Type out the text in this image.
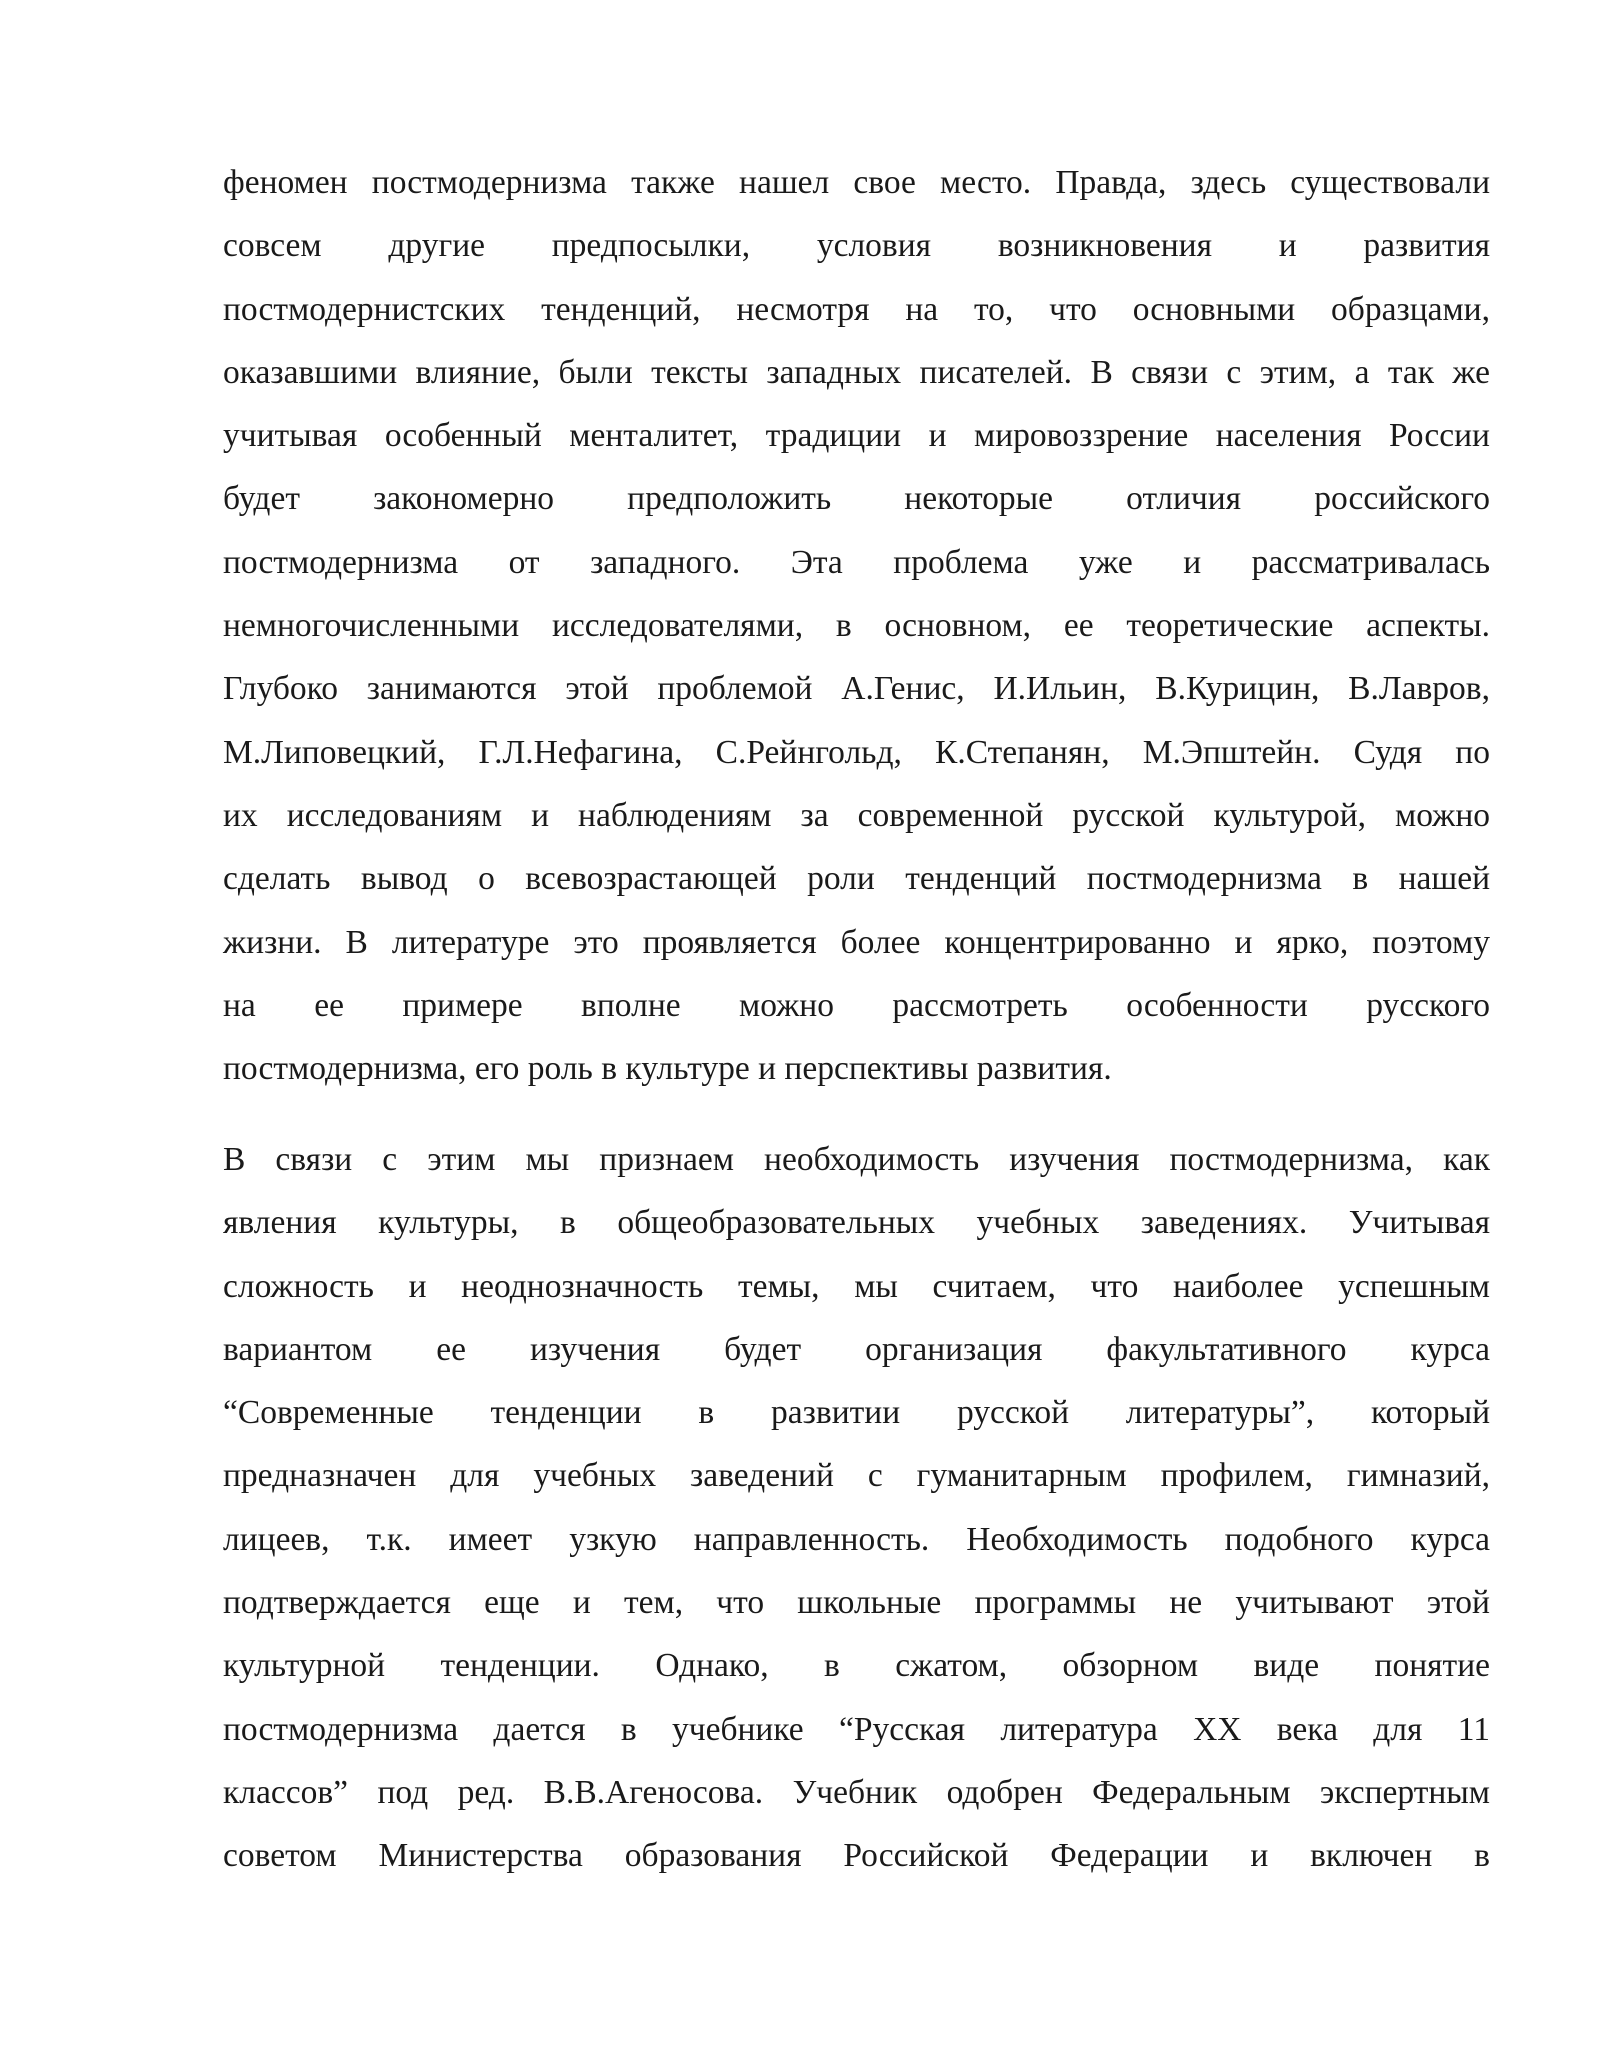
феномен постмодернизма также нашел свое место. Правда, здесь существовали
совсем другие предпосылки, условия возникновения и развития
постмодернистских тенденций, несмотря на то, что основными образцами,
оказавшими влияние, были тексты западных писателей. В связи с этим, а так же
учитывая особенный менталитет, традиции и мировоззрение населения России
будет закономерно предположить некоторые отличия российского
постмодернизма от западного. Эта проблема уже и рассматривалась
немногочисленными исследователями, в основном, ее теоретические аспекты.
Глубоко занимаются этой проблемой А.Генис, И.Ильин, В.Курицин, В.Лавров,
М.Липовецкий, Г.Л.Нефагина, С.Рейнгольд, К.Степанян, М.Эпштейн. Судя по
их исследованиям и наблюдениям за современной русской культурой, можно
сделать вывод о всевозрастающей роли тенденций постмодернизма в нашей
жизни. В литературе это проявляется более концентрированно и ярко, поэтому
на ее примере вполне можно рассмотреть особенности русского
постмодернизма, его роль в культуре и перспективы развития.
В связи с этим мы признаем необходимость изучения постмодернизма, как
явления культуры, в общеобразовательных учебных заведениях. Учитывая
сложность и неоднозначность темы, мы считаем, что наиболее успешным
вариантом ее изучения будет организация факультативного курса
“Современные тенденции в развитии русской литературы”, который
предназначен для учебных заведений с гуманитарным профилем, гимназий,
лицеев, т.к. имеет узкую направленность. Необходимость подобного курса
подтверждается еще и тем, что школьные программы не учитывают этой
культурной тенденции. Однако, в сжатом, обзорном виде понятие
постмодернизма дается в учебнике “Русская литература XX века для 11
классов” под ред. В.В.Агеносова. Учебник одобрен Федеральным экспертным
советом Министерства образования Российской Федерации и включен в
